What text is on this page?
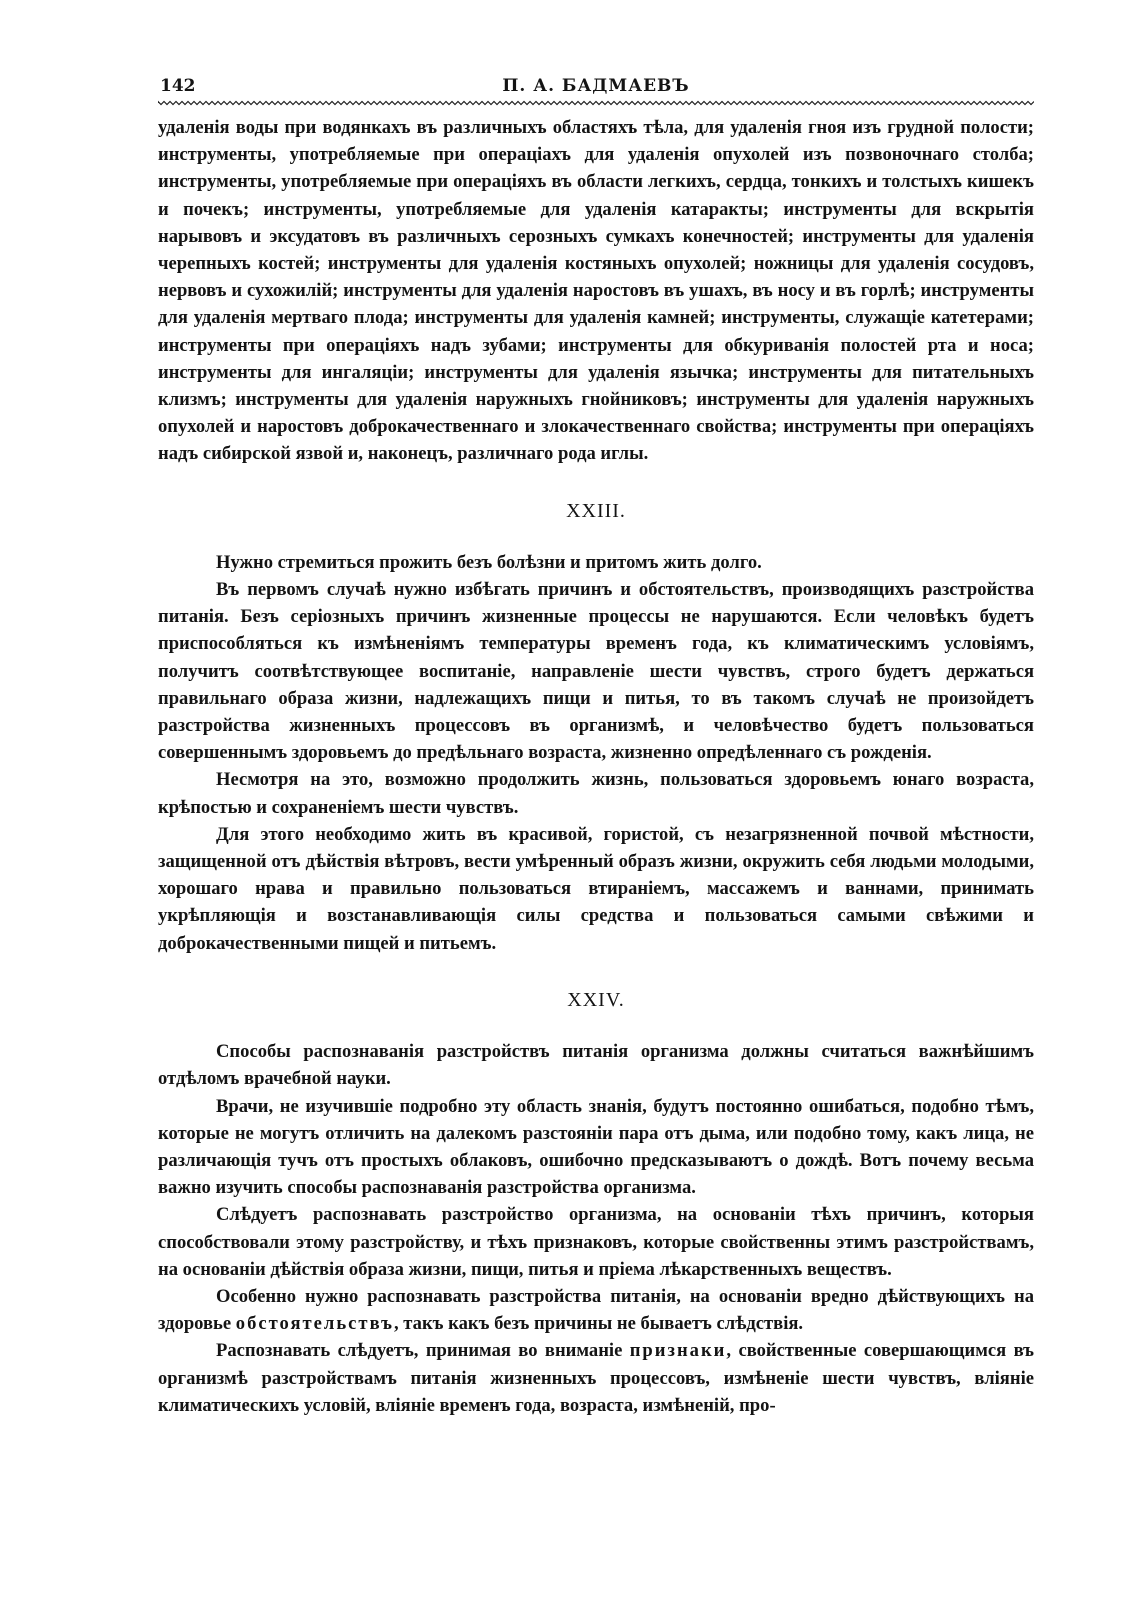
142	П. А. БАДМАЕВЪ

удаленія воды при водянкахъ въ различныхъ областяхъ тѣла, для удаленія гноя изъ грудной полости; инструменты, употребляемые при операціахъ для удаленія опухолей изъ позвоночнаго столба; инструменты, употребляемые при операціяхъ въ области легкихъ, сердца, тонкихъ и толстыхъ кишекъ и почекъ; инструменты, употребляемые для удаленія катаракты; инструменты для вскрытія нарывовъ и эксудатовъ въ различныхъ серозныхъ сумкахъ конечностей; инструменты для удаленія черепныхъ костей; инструменты для удаленія костяныхъ опухолей; ножницы для удаленія сосудовъ, нервовъ и сухожилій; инструменты для удаленія наростовъ въ ушахъ, въ носу и въ горлѣ; инструменты для удаленія мертваго плода; инструменты для удаленія камней; инструменты, служащіе катетерами; инструменты при операціяхъ надъ зубами; инструменты для обкуриванія полостей рта и носа; инструменты для ингаляціи; инструменты для удаленія язычка; инструменты для питательныхъ клизмъ; инструменты для удаленія наружныхъ гнойниковъ; инструменты для удаленія наружныхъ опухолей и наростовъ доброкачественнаго и злокачественнаго свойства; инструменты при операціяхъ надъ сибирской язвой и, наконецъ, различнаго рода иглы.

XXIII.

Нужно стремиться прожить безъ болѣзни и притомъ жить долго.

Въ первомъ случаѣ нужно избѣгать причинъ и обстоятельствъ, производящихъ разстройства питанія. Безъ серіозныхъ причинъ жизненные процессы не нарушаются. Если человѣкъ будетъ приспособляться къ измѣненіямъ температуры временъ года, къ климатическимъ условіямъ, получитъ соотвѣтствующее воспитаніе, направленіе шести чувствъ, строго будетъ держаться правильнаго образа жизни, надлежащихъ пищи и питья, то въ такомъ случаѣ не произойдетъ разстройства жизненныхъ процессовъ въ организмѣ, и человѣчество будетъ пользоваться совершеннымъ здоровьемъ до предѣльнаго возраста, жизненно опредѣленнаго съ рожденія.

Несмотря на это, возможно продолжить жизнь, пользоваться здоровьемъ юнаго возраста, крѣпостью и сохраненіемъ шести чувствъ.

Для этого необходимо жить въ красивой, гористой, съ незагрязненной почвой мѣстности, защищенной отъ дѣйствія вѣтровъ, вести умѣренный образъ жизни, окружить себя людьми молодыми, хорошаго нрава и правильно пользоваться втираніемъ, массажемъ и ваннами, принимать укрѣпляющія и возстанавливающія силы средства и пользоваться самыми свѣжими и доброкачественными пищей и питьемъ.

XXIV.

Способы распознаванія разстройствъ питанія организма должны считаться важнѣйшимъ отдѣломъ врачебной науки.

Врачи, не изучившіе подробно эту область знанія, будутъ постоянно ошибаться, подобно тѣмъ, которые не могутъ отличить на далекомъ разстояніи пара отъ дыма, или подобно тому, какъ лица, не различающія тучъ отъ простыхъ облаковъ, ошибочно предсказываютъ о дождѣ. Вотъ почему весьма важно изучить способы распознаванія разстройства организма.

Слѣдуетъ распознавать разстройство организма, на основаніи тѣхъ причинъ, которыя способствовали этому разстройству, и тѣхъ признаковъ, которые свойственны этимъ разстройствамъ, на основаніи дѣйствія образа жизни, пищи, питья и пріема лѣкарственныхъ веществъ.

Особенно нужно распознавать разстройства питанія, на основаніи вредно дѣйствующихъ на здоровье обстоятельствъ, такъ какъ безъ причины не бываетъ слѣдствія.

Распознавать слѣдуетъ, принимая во вниманіе признаки, свойственные совершающимся въ организмѣ разстройствамъ питанія жизненныхъ процессовъ, измѣненіе шести чувствъ, вліяніе климатическихъ условій, вліяніе временъ года, возраста, измѣненій, про-
